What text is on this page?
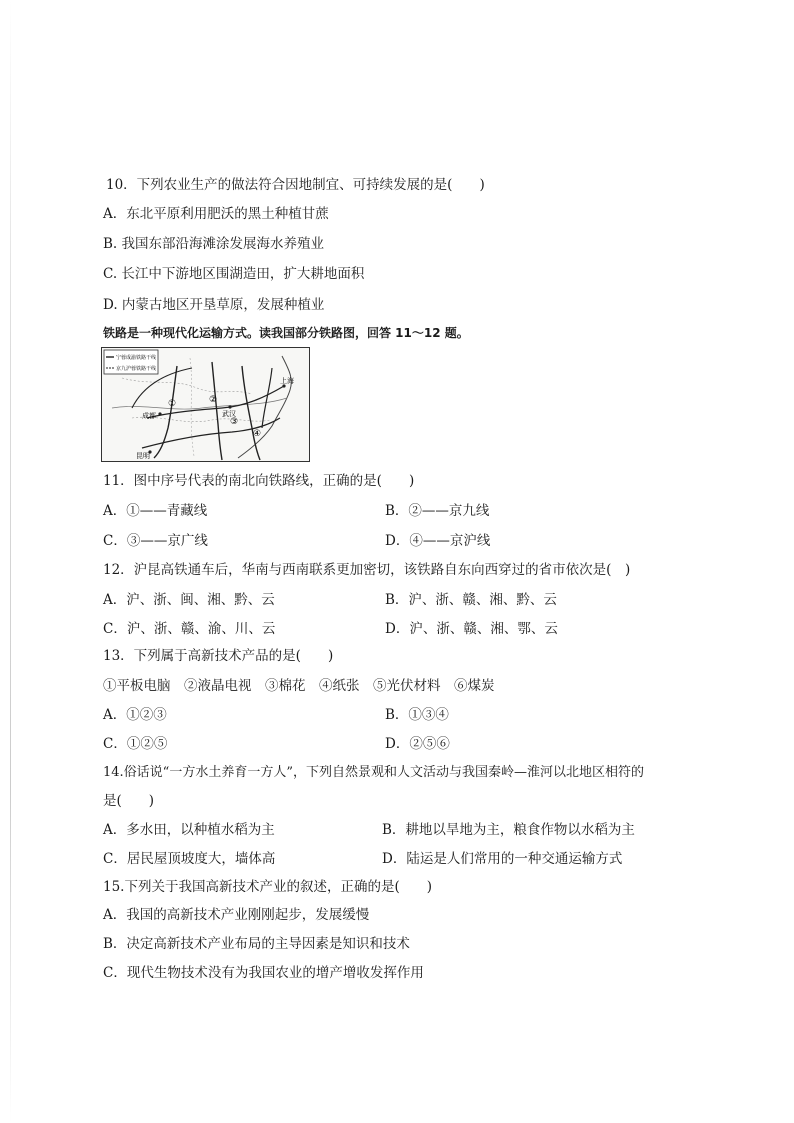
10．下列农业生产的做法符合因地制宜、可持续发展的是(　　)
A．东北平原利用肥沃的黑土种植甘蔗
B. 我国东部沿海滩涂发展海水养殖业
C. 长江中下游地区围湖造田，扩大耕地面积
D. 内蒙古地区开垦草原，发展种植业
铁路是一种现代化运输方式。读我国部分铁路图，回答 11～12 题。
宁蓉成渝铁路干线
京九沪蓉铁路干线
上海
成都	武汉
昆明
①	②
③
④
11．图中序号代表的南北向铁路线，正确的是(　　)
A．①——青藏线	B．②——京九线
C．③——京广线	D．④——京沪线
12．沪昆高铁通车后，华南与西南联系更加密切，该铁路自东向西穿过的省市依次是(　)
A．沪、浙、闽、湘、黔、云	B．沪、浙、赣、湘、黔、云
C．沪、浙、赣、渝、川、云	D．沪、浙、赣、湘、鄂、云
13．下列属于高新技术产品的是(　　)
①平板电脑　②液晶电视　③棉花　④纸张　⑤光伏材料　⑥煤炭
A．①②③	B．①③④
C．①②⑤	D．②⑤⑥
14.俗话说“一方水土养育一方人”，下列自然景观和人文活动与我国秦岭—淮河以北地区相符的
是(　　)
A．多水田，以种植水稻为主	B．耕地以旱地为主，粮食作物以水稻为主
C．居民屋顶坡度大，墙体高	D．陆运是人们常用的一种交通运输方式
15.下列关于我国高新技术产业的叙述，正确的是(　　)
A．我国的高新技术产业刚刚起步，发展缓慢
B．决定高新技术产业布局的主导因素是知识和技术
C．现代生物技术没有为我国农业的增产增收发挥作用
